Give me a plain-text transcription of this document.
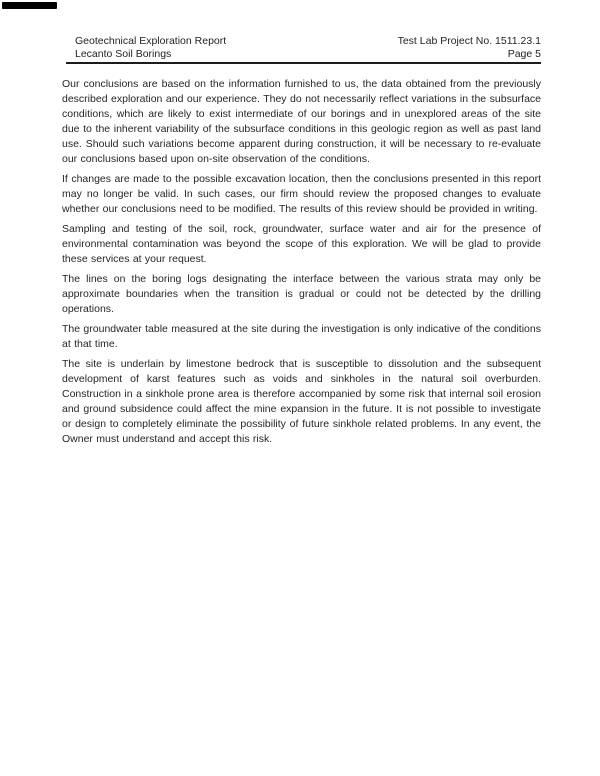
Geotechnical Exploration Report
Lecanto Soil Borings
Test Lab Project No. 1511.23.1
Page 5

Our conclusions are based on the information furnished to us, the data obtained from the previously described exploration and our experience. They do not necessarily reflect variations in the subsurface conditions, which are likely to exist intermediate of our borings and in unexplored areas of the site due to the inherent variability of the subsurface conditions in this geologic region as well as past land use. Should such variations become apparent during construction, it will be necessary to re-evaluate our conclusions based upon on-site observation of the conditions.

If changes are made to the possible excavation location, then the conclusions presented in this report may no longer be valid. In such cases, our firm should review the proposed changes to evaluate whether our conclusions need to be modified. The results of this review should be provided in writing.

Sampling and testing of the soil, rock, groundwater, surface water and air for the presence of environmental contamination was beyond the scope of this exploration. We will be glad to provide these services at your request.

The lines on the boring logs designating the interface between the various strata may only be approximate boundaries when the transition is gradual or could not be detected by the drilling operations.

The groundwater table measured at the site during the investigation is only indicative of the conditions at that time.

The site is underlain by limestone bedrock that is susceptible to dissolution and the subsequent development of karst features such as voids and sinkholes in the natural soil overburden. Construction in a sinkhole prone area is therefore accompanied by some risk that internal soil erosion and ground subsidence could affect the mine expansion in the future. It is not possible to investigate or design to completely eliminate the possibility of future sinkhole related problems. In any event, the Owner must understand and accept this risk.
